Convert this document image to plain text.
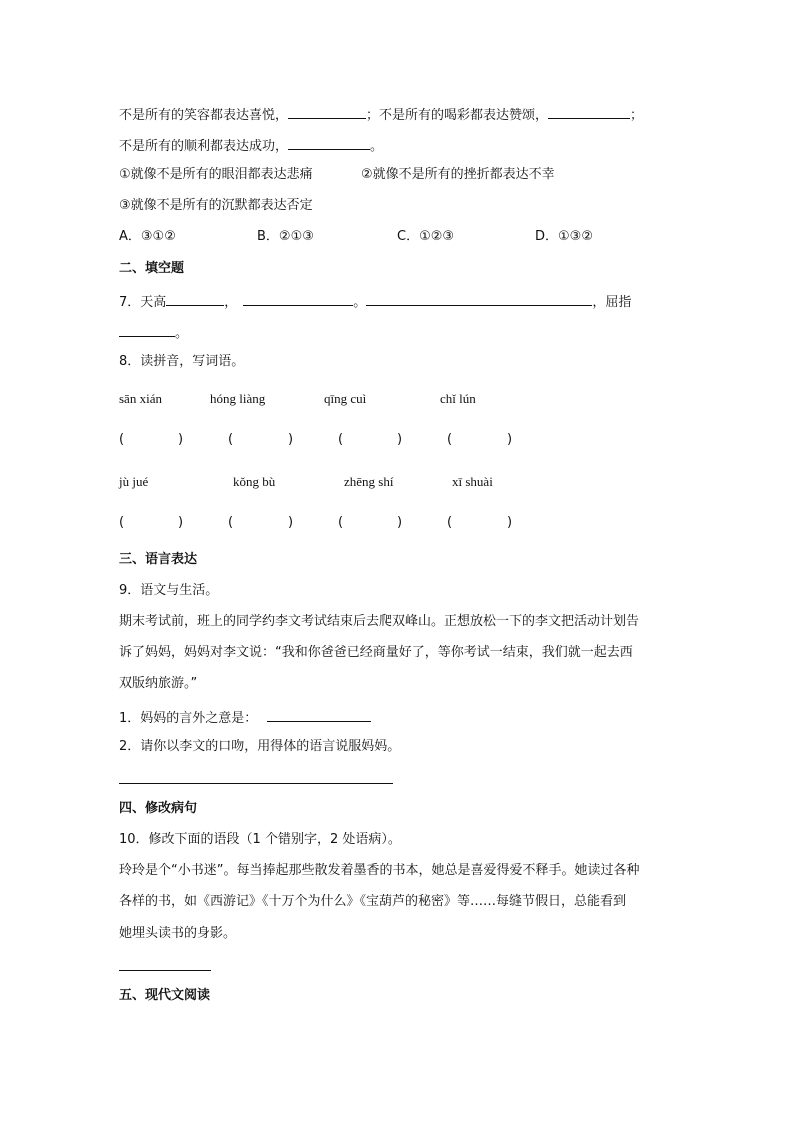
不是所有的笑容都表达喜悦，	；不是所有的喝彩都表达赞颂，	；
不是所有的顺利都表达成功，	。
①就像不是所有的眼泪都表达悲痛	②就像不是所有的挫折都表达不幸
③就像不是所有的沉默都表达否定
A．③①②	B．②①③	C．①②③	D．①③②
二、填空题
7．天高	，	。	，屈指
。
8．读拼音，写词语。
sān xián	hóng liàng	qīng cuì	chǐ lún
(	)	(	)	(	)	(	)
jù jué	kǒng bù	zhēng shí	xī shuài
(	)	(	)	(	)	(	)
三、语言表达
9．语文与生活。
期末考试前，班上的同学约李文考试结束后去爬双峰山。正想放松一下的李文把活动计划告
诉了妈妈，妈妈对李文说：“我和你爸爸已经商量好了，等你考试一结束，我们就一起去西
双版纳旅游。”
1．妈妈的言外之意是：
2．请你以李文的口吻，用得体的语言说服妈妈。
四、修改病句
10．修改下面的语段（1 个错别字，2 处语病）。
玲玲是个“小书迷”。每当捧起那些散发着墨香的书本，她总是喜爱得爱不释手。她读过各种
各样的书，如《西游记》《十万个为什么》《宝葫芦的秘密》等……每缝节假日，总能看到
她埋头读书的身影。
五、现代文阅读
